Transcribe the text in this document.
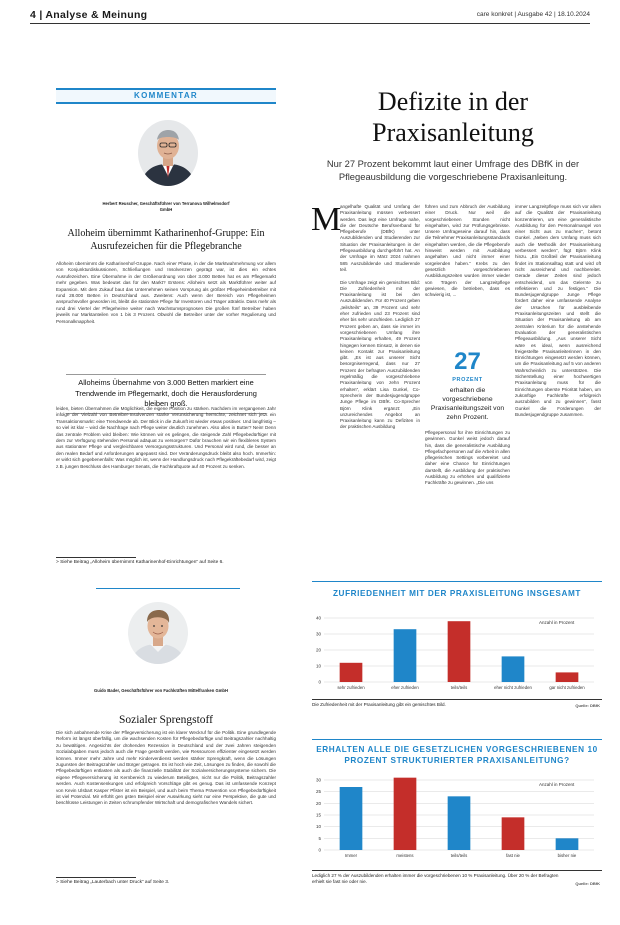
4 | Analyse & Meinung	care konkret | Ausgabe 42 | 18.10.2024
KOMMENTAR
Herbert Reuscher, Geschäftsführer von Terranova Wilhelmsdorf GmbH
Alloheim übernimmt Katharinenhof-Gruppe: Ein Ausrufezeichen für die Pflegebranche
Alloheim übernimmt die Katharinenhof-Gruppe. Nach einer Phase, in der die Marktwahrnehmung vor allem von Konjunkturdiskussionen, Schließungen und Insolvenzen geprägt war, ist dies ein echtes Ausrufezeichen. Eine Übernahme in der Größenordnung von über 3.000 Betten hat es am Pflegemarkt mehr gegeben. Was bedeutet das für den Markt? Erstens: Alloheim setzt als Marktführer weiter auf Expansion. Mit dem Zukauf baut das Unternehmen seinen Vorsprung als größter Pflegeheimbetreiber mit rund 28.000 Betten in Deutschland aus. Zweitens: Auch wenn der Bereich von Pflegeheimen anspruchsvoller geworden ist, bleibt die stationäre Pflege für Investoren und Träger attraktiv. Dass mehr als rund drei Viertel der Pflegeheime weiter nach Wachstumsprognosen Die großen fünf Betreiber haben jeweils nur Marktanteilen von 1 bis 3 Prozent. Obwohl die Betreiber unter der vorher Regulierung und Personalknappheit.
Alloheims Übernahme von 3.000 Betten markiert eine Trendwende im Pflegemarkt, doch die Herausforderung bleiben groß.
leiden, bieten Übernahmen die Möglichkeit, die eigene Position zu stärken. Nachdem im vergangenen Jahr infolge der Vielzahl von Betreiber-Insolvenzen starke Verunsicherung herrschte, zeichnet sich jetzt ein Transaktionsmarkt: eine Trendwende ab. Der Blick in die Zukunft ist wieder etwas positiver. Und langfristig – so viel ist klar – wird die Nachfrage nach Pflege weiter deutlich zunehmen. Also alles in Butter? Nein! Denn das zentrale Problem wird bleiben: Wie können wir es gelingen, die steigende Zahl Pflegebedürftiger mit dem zur Verfügung stehenden Personal adäquat zu versorgen? Dafür brauchen wir ein flexibleres System aus stationärer Pflege und vergleichbaren Versorgungsstrukturen. Und Personal wird rund, die besser an den realen Bedarf und Anforderungen angepasst sind. Der Veränderungsdruck bleibt also hoch. Immerhin: er wirkt sich gegebenenfalls: Was möglich ist, wenn der Handlungsdruck nach Pflegekräftebedarf wird, zeigt z.B. jungen Beschluss des Hamburger Senats, die Fachkraftquote auf 40 Prozent zu senken.
> Siehe Beitrag „Alloheim übernimmt Katharinenhof-Einrichtungen“ auf Seite 6.
Guido Bader, Geschäftsführer von Fachkräften Mittelfranken GmbH
Sozialer Sprengstoff
Die sich anbahnende Krise der Pflegeversicherung ist ein klarer Weckruf für die Politik. Eine grundlegende Reform ist längst überfällig, um die wachsenden Kosten für Pflegebedürftige und Beitragszahler nachhaltig zu bewältigen. Angesichts der drohenden Rezession in Deutschland und der zwei Jahren steigenden Sozialabgaben muss jedoch auch die Frage gestellt werden, wie Ressourcen effizienter eingesetzt werden können. Immer mehr Jahre und mehr Kinderverdienst werden stärker Sprengkraft, wenn die Lösungen zugunsten der Beitragszahler und Bürger getragen. Es ist hoch wie Zeit, Lösungen zu finden, die sowohl die Pflegebedürftigen entlasten als auch die finanzielle Stabilität der Sozialversicherungssysteme sichern. Die eigene Pflegeversicherung ist Kernbereich zu wiederum Beteiligten, nicht nur die Politik, Beitragszahler werden. Auch Kostensenkungen und erfolgreich Vorschläge gibt es genug. Das ist umfassende Konzept von Kevin Ulsbart Kasper Pfister ist ein Beispiel, und auch beim Thema Prävention von Pflegebedürftigkeit ist viel Potenzial. Mir erfühlt gen gsten Beispiel einer Auswirkung sieht nur eine Perspektive, die gute und beschlüsse Leistungen in Zeiten schrumpfender Wirtschaft und demografischen Wandels sichert.
> Siehe Beitrag „Lauterbach unter Druck“ auf Seite 3.
Defizite in der Praxisanleitung
Nur 27 Prozent bekommt laut einer Umfrage des DBfK in der Pflegeausbildung die vorgeschriebene Praxisanleitung.
M
angelhafte Qualität und Umfang der Praxisanleitung müssen verbessert werden. Das legt eine Umfrage nahe, die der Deutsche Berufsverband für Pflegeberufe (DBfK) unter Auszubildenden und Studierenden zur Situation der Praxisanleitungen in der Pflegeausbildung durchgeführt hat. An der Umfrage im März 2024 nahmen 585 Auszubildende und Studierende teil.

Die Umfrage zeigt ein gemischtes Bild: Die Zufriedenheit mit der Praxisanleitung ist bei den Auszubildenden. Für 40 Prozent geben „teils/teils“ an, 39 Prozent und sehr eher zufrieden und 23 Prozent sind eher bis sehr unzufrieden. Lediglich 27 Prozent geben an, dass sie immer im vorgeschriebenen Umfang ihre Praxisanleitung erhalten, 49 Prozent hingegen kennen Einsatz, in denen sie keinen Kontakt zur Praxisanleitung gibt. „Es ist aus unserer Sicht besorgniserregend, dass nur 27 Prozent der befragten Auszubildenden regelmäßig die vorgeschriebene Praxisanleitung von zehn Prozent erhalten“, erklärt Lisa Gunkel, Co-Sprecherin der Bundesjugendgruppe Junge Pflege im DBfK. Co-Sprecher Björn Klink ergänzt: „Ein unzureichendes Angebot an Praxisanleitung kann zu Defiziten in der praktischen Ausbildung
führen und zum Abbruch der Ausbildung einer Druck. Nur weil die vorgeschriebenen Stunden nicht eingehalten, wird zur Prüfungsgebnisse. Unsere Umfrageseine darauf hin, dass die Teilnehmer Praxisanleitungsstandards eingehalten werden, die die Pflegeberufe hinweist werden mit Ausbildung angehalten und nicht immer einer vorgelenden haben.“ Krebs zu den gesetzlich vorgeschriebenen Ausbildungszeiten wurden immer wieder von Trägern der Langzeitpflege gewiesen, die betrieben, dass es schwierig ist, ...
27
PROZENT
erhalten die vorgeschriebene Praxisanleitungszeit von zehn Prozent.
Pflegepersonal für ihre Einrichtungen zu gewinnen. Gunkel weist jedoch darauf hin, dass die generalistische Ausbildung Pflegefachpersonen auf die Arbeit in allen pflegerischen Settings vorbereitet und daher eine Chance für Einrichtungen darstellt, die Ausbildung der praktischen Ausbildung zu erhöhen und qualifizierte Fachkräfte zu gewinnen. „Die uns
immer Langzeitpflege muss sich vor allem auf die Qualität der Praxisanleitung konzentrieren, um eine generalistische Ausbildung für den Personalmangel von einer Sicht aus zu machen“, betont Gunkel. „Neben dem Umfang muss sich auch die Methodik der Praxisanleitung verbessert werden“, fügt Björn Klink hinzu. „Ein Großteil der Praxisanleitung findet im Stationsalltag statt und wird oft nicht ausreichend und nachbereitet. Gerade dieser Zeiten sind jedoch entscheidend, um das Gelernte zu reflektieren und zu festigen.“ Die Bundesjugendgruppe Junge Pflege fordert daher eine umfassende Analyse der Ursachen für ausbleibende Praxisanleitungszeiten und stellt die Situation der Praxisanleitung ab am zentralen Kriterium für die anstehende Evaluation der generalistischen Pflegeausbildung. „Aus unserer Sicht wäre es ideal, wenn ausreichend freigestellte Praxisanleiterinnen in den Einrichtungen eingesetzt werden können, um die Praxisanleitung auf 5 von anderen Wahrscheinlich zu unterstützen. Die Sicherstellung einer hochwertigen Praxisanleitung muss für die Einrichtungen oberste Priorität haben, um zukünftige Fachkräfte erfolgreich auszubilden und zu gewinnen“, fasst Gunkel die Forderungen der Bundesjugendgruppe zusammen.
ZUFRIEDENHEIT MIT DER PRAXISLEITUNG INSGESAMT
0
10
20
30
40
sehr zufrieden	eher zufrieden	teils/teils	eher nicht zufrieden	gar nicht zufrieden
Anzahl in Prozent
Die Zufriedenheit mit der Praxisanleitung gibt ein gemischtes Bild.	Quelle: DBfK
ERHALTEN ALLE DIE GESETZLICHEN VORGESCHRIEBENEN 10 PROZENT STRUKTURIERTER PRAXISANLEITUNG?
0
5
10
15
20
25
30
Immer	meistens	teils/teils	fast nie	bisher nie
Anzahl in Prozent
Lediglich 27 % der Auszubildenden erhalten immer die vorgeschriebenen 10 % Praxisanleitung. Über 20 % der Befragten erhielt sie fast nie oder nie.	Quelle: DBfK
